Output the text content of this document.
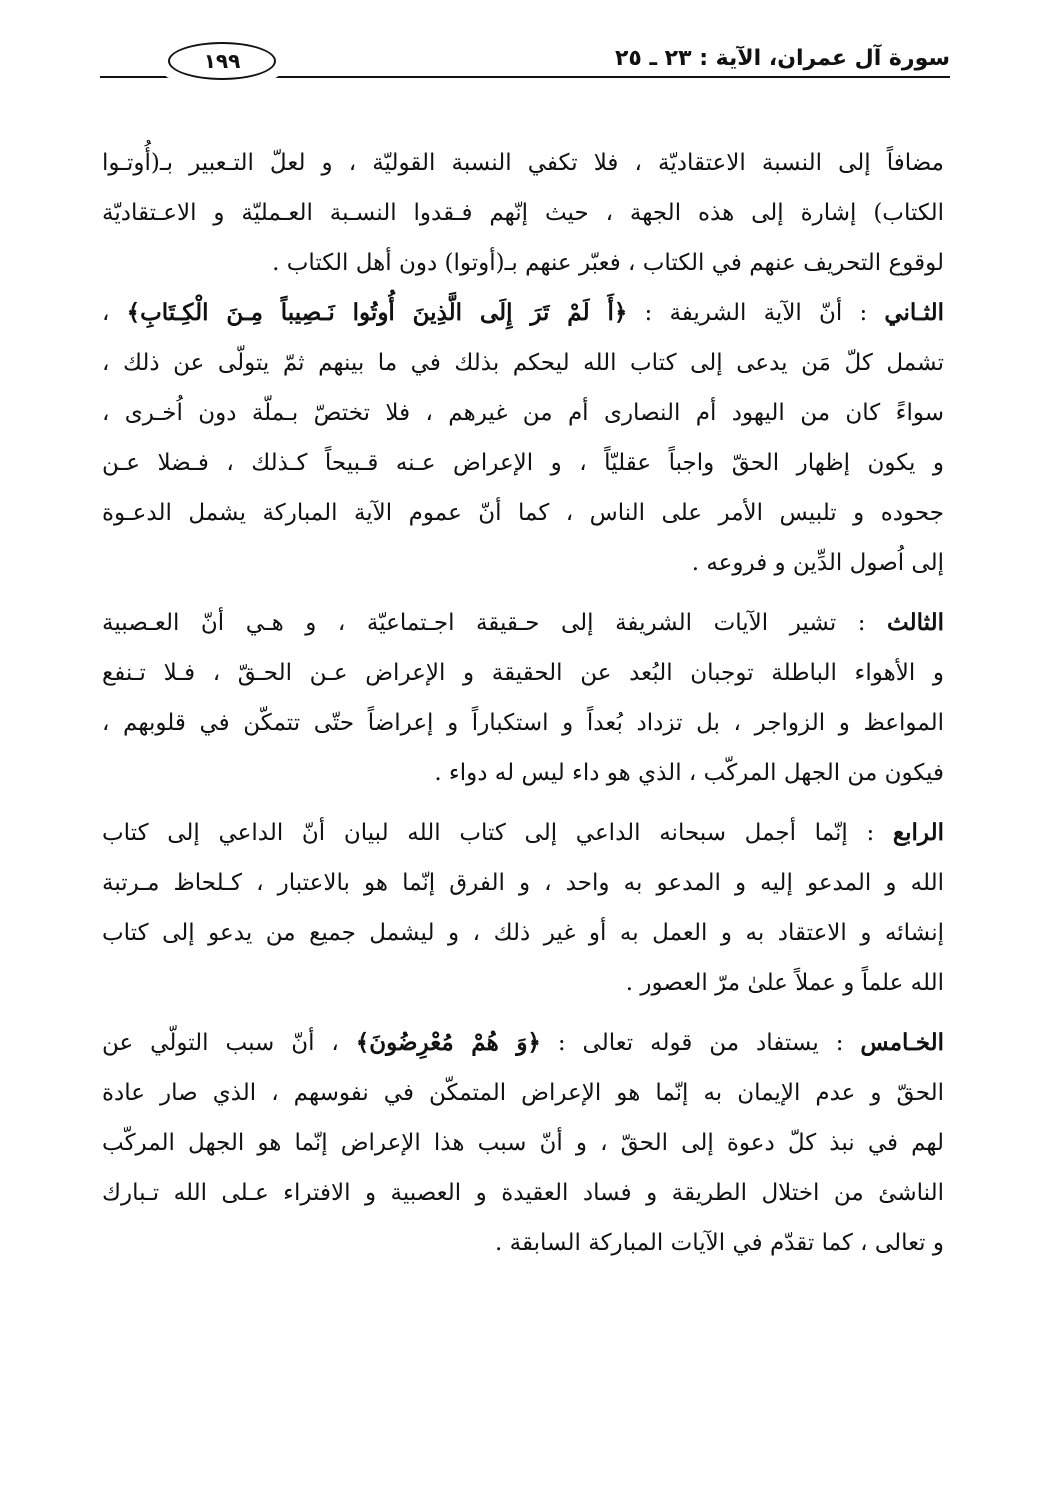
١٩٩	سورة آل عمران، الآية : ٢٣ ـ ٢٥
مضافاً إلى النسبة الاعتقاديّة ، فلا تكفي النسبة القوليّة ، و لعلّ التـعبير بـ(أُوتـوا
الكتاب) إشارة إلى هذه الجهة ، حيث إنّهم فـقدوا النسـبة العـمليّة و الاعـتقاديّة
لوقوع التحريف عنهم في الكتاب ، فعبّر عنهم بـ(أوتوا) دون أهل الكتاب .
الثـاني : أنّ الآية الشريفة : ﴿أَ لَمْ تَرَ إِلَى الَّذِينَ أُوتُوا نَـصِيباً مِـنَ الْكِـتَابِ﴾ ،
تشمل كلّ مَن يدعى إلى كتاب الله ليحكم بذلك في ما بينهم ثمّ يتولّى عن ذلك ،
سواءً كان من اليهود أم النصارى أم من غيرهم ، فلا تختصّ بـملّة دون اُخـرى ،
و يكون إظهار الحقّ واجباً عقليّاً ، و الإعراض عـنه قـبيحاً كـذلك ، فـضلا عـن
جحوده و تلبيس الأمر على الناس ، كما أنّ عموم الآية المباركة يشمل الدعـوة
إلى اُصول الدِّين و فروعه .
الثالث : تشير الآيات الشريفة إلى حـقيقة اجـتماعيّة ، و هـي أنّ العـصبية
و الأهواء الباطلة توجبان البُعد عن الحقيقة و الإعراض عـن الحـقّ ، فـلا تـنفع
المواعظ و الزواجر ، بل تزداد بُعداً و استكباراً و إعراضاً حتّى تتمكّن في قلوبهم ،
فيكون من الجهل المركّب ، الذي هو داء ليس له دواء .
الرابع : إنّما أجمل سبحانه الداعي إلى كتاب الله لبيان أنّ الداعي إلى كتاب
الله و المدعو إليه و المدعو به واحد ، و الفرق إنّما هو بالاعتبار ، كـلحاظ مـرتبة
إنشائه و الاعتقاد به و العمل به أو غير ذلك ، و ليشمل جميع من يدعو إلى كتاب
الله علماً و عملاً علىٰ مرّ العصور .
الخـامس : يستفاد من قوله تعالى : ﴿وَ هُمْ مُعْرِضُونَ﴾ ، أنّ سبب التولّي عن
الحقّ و عدم الإيمان به إنّما هو الإعراض المتمكّن في نفوسهم ، الذي صار عادة
لهم في نبذ كلّ دعوة إلى الحقّ ، و أنّ سبب هذا الإعراض إنّما هو الجهل المركّب
الناشئ من اختلال الطريقة و فساد العقيدة و العصبية و الافتراء عـلى الله تـبارك
و تعالى ، كما تقدّم في الآيات المباركة السابقة .
